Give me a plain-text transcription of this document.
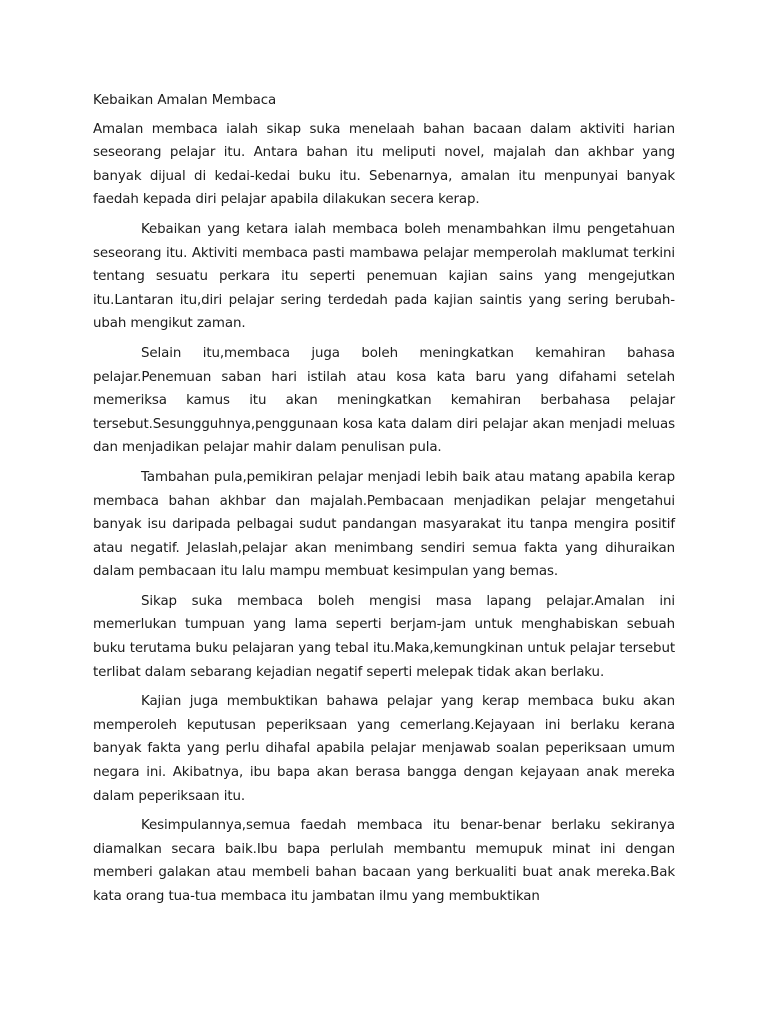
Kebaikan Amalan Membaca

Amalan membaca ialah sikap suka menelaah bahan bacaan dalam aktiviti harian seseorang pelajar itu. Antara bahan itu meliputi novel, majalah dan akhbar yang banyak dijual di kedai-kedai buku itu. Sebenarnya, amalan itu menpunyai banyak faedah kepada diri pelajar apabila dilakukan secera kerap.

Kebaikan yang ketara ialah membaca boleh menambahkan ilmu pengetahuan seseorang itu. Aktiviti membaca pasti mambawa pelajar memperolah maklumat terkini tentang sesuatu perkara itu seperti penemuan kajian sains yang mengejutkan itu.Lantaran itu,diri pelajar sering terdedah pada kajian saintis yang sering berubah-ubah mengikut zaman.

Selain itu,membaca juga boleh meningkatkan kemahiran bahasa pelajar.Penemuan saban hari istilah atau kosa kata baru yang difahami setelah memeriksa kamus itu akan meningkatkan kemahiran berbahasa pelajar tersebut.Sesungguhnya,penggunaan kosa kata dalam diri pelajar akan menjadi meluas dan menjadikan pelajar mahir dalam penulisan pula.

Tambahan pula,pemikiran pelajar menjadi lebih baik atau matang apabila kerap membaca bahan akhbar dan majalah.Pembacaan menjadikan pelajar mengetahui banyak isu daripada pelbagai sudut pandangan masyarakat itu tanpa mengira positif atau negatif. Jelaslah,pelajar akan menimbang sendiri semua fakta yang dihuraikan dalam pembacaan itu lalu mampu membuat kesimpulan yang bemas.

Sikap suka membaca boleh mengisi masa lapang pelajar.Amalan ini memerlukan tumpuan yang lama seperti berjam-jam untuk menghabiskan sebuah buku terutama buku pelajaran yang tebal itu.Maka,kemungkinan untuk pelajar tersebut terlibat dalam sebarang kejadian negatif seperti melepak tidak akan berlaku.

Kajian juga membuktikan bahawa pelajar yang kerap membaca buku akan memperoleh keputusan peperiksaan yang cemerlang.Kejayaan ini berlaku kerana banyak fakta yang perlu dihafal apabila pelajar menjawab soalan peperiksaan umum negara ini. Akibatnya, ibu bapa akan berasa bangga dengan kejayaan anak mereka dalam peperiksaan itu.

Kesimpulannya,semua faedah membaca itu benar-benar berlaku sekiranya diamalkan secara baik.Ibu bapa perlulah membantu memupuk minat ini dengan memberi galakan atau membeli bahan bacaan yang berkualiti buat anak mereka.Bak kata orang tua-tua membaca itu jambatan ilmu yang membuktikan
